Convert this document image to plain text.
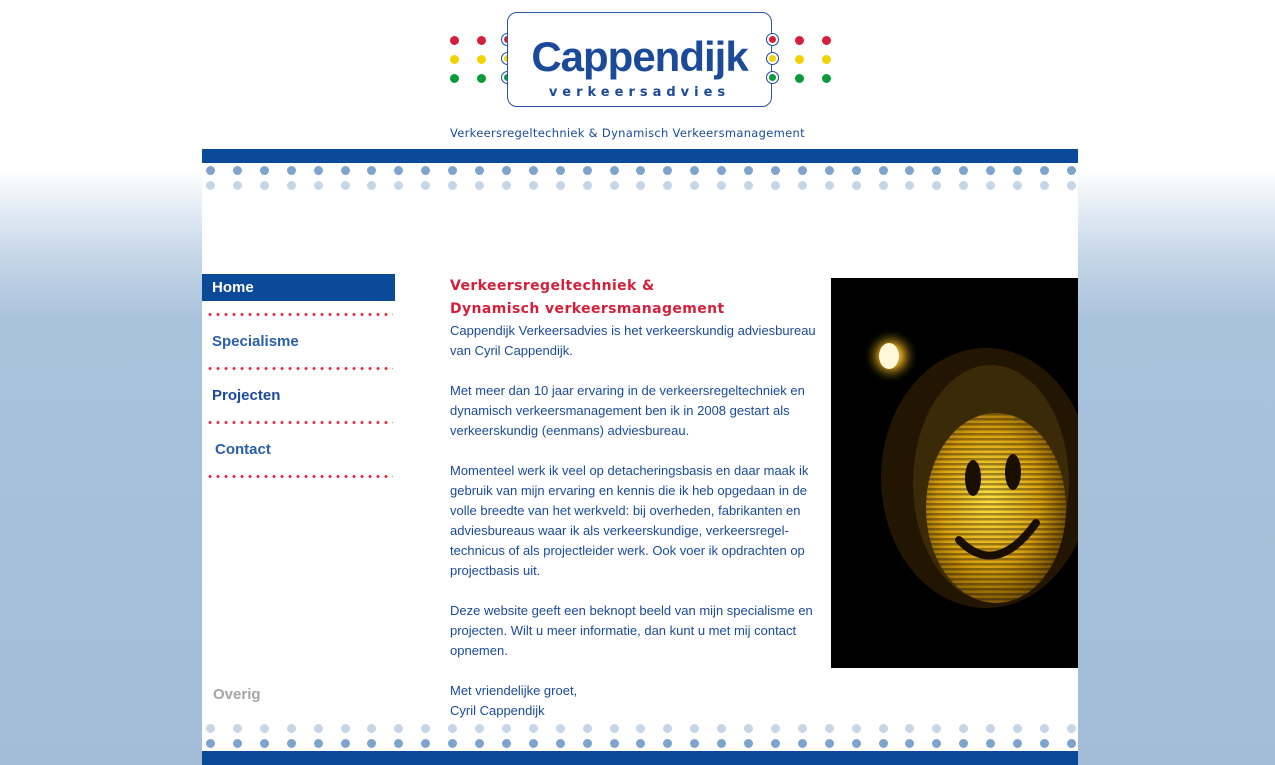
Cappendijk
verkeersadvies
Verkeersregeltechniek & Dynamisch Verkeersmanagement
Home
Specialisme
Projecten
Contact
Overig
Verkeersregeltechniek &
Dynamisch verkeersmanagement

Cappendijk Verkeersadvies is het verkeerskundig adviesbureau van Cyril Cappendijk.

Met meer dan 10 jaar ervaring in de verkeersregeltechniek en dynamisch verkeersmanagement ben ik in 2008 gestart als verkeerskundig (eenmans) adviesbureau.

Momenteel werk ik veel op detacheringsbasis en daar maak ik gebruik van mijn ervaring en kennis die ik heb opgedaan in de volle breedte van het werkveld: bij overheden, fabrikanten en adviesbureaus waar ik als verkeerskundige, verkeersregel-technicus of als projectleider werk. Ook voer ik opdrachten op projectbasis uit.

Deze website geeft een beknopt beeld van mijn specialisme en projecten. Wilt u meer informatie, dan kunt u met mij contact opnemen.

Met vriendelijke groet,

Cyril Cappendijk
